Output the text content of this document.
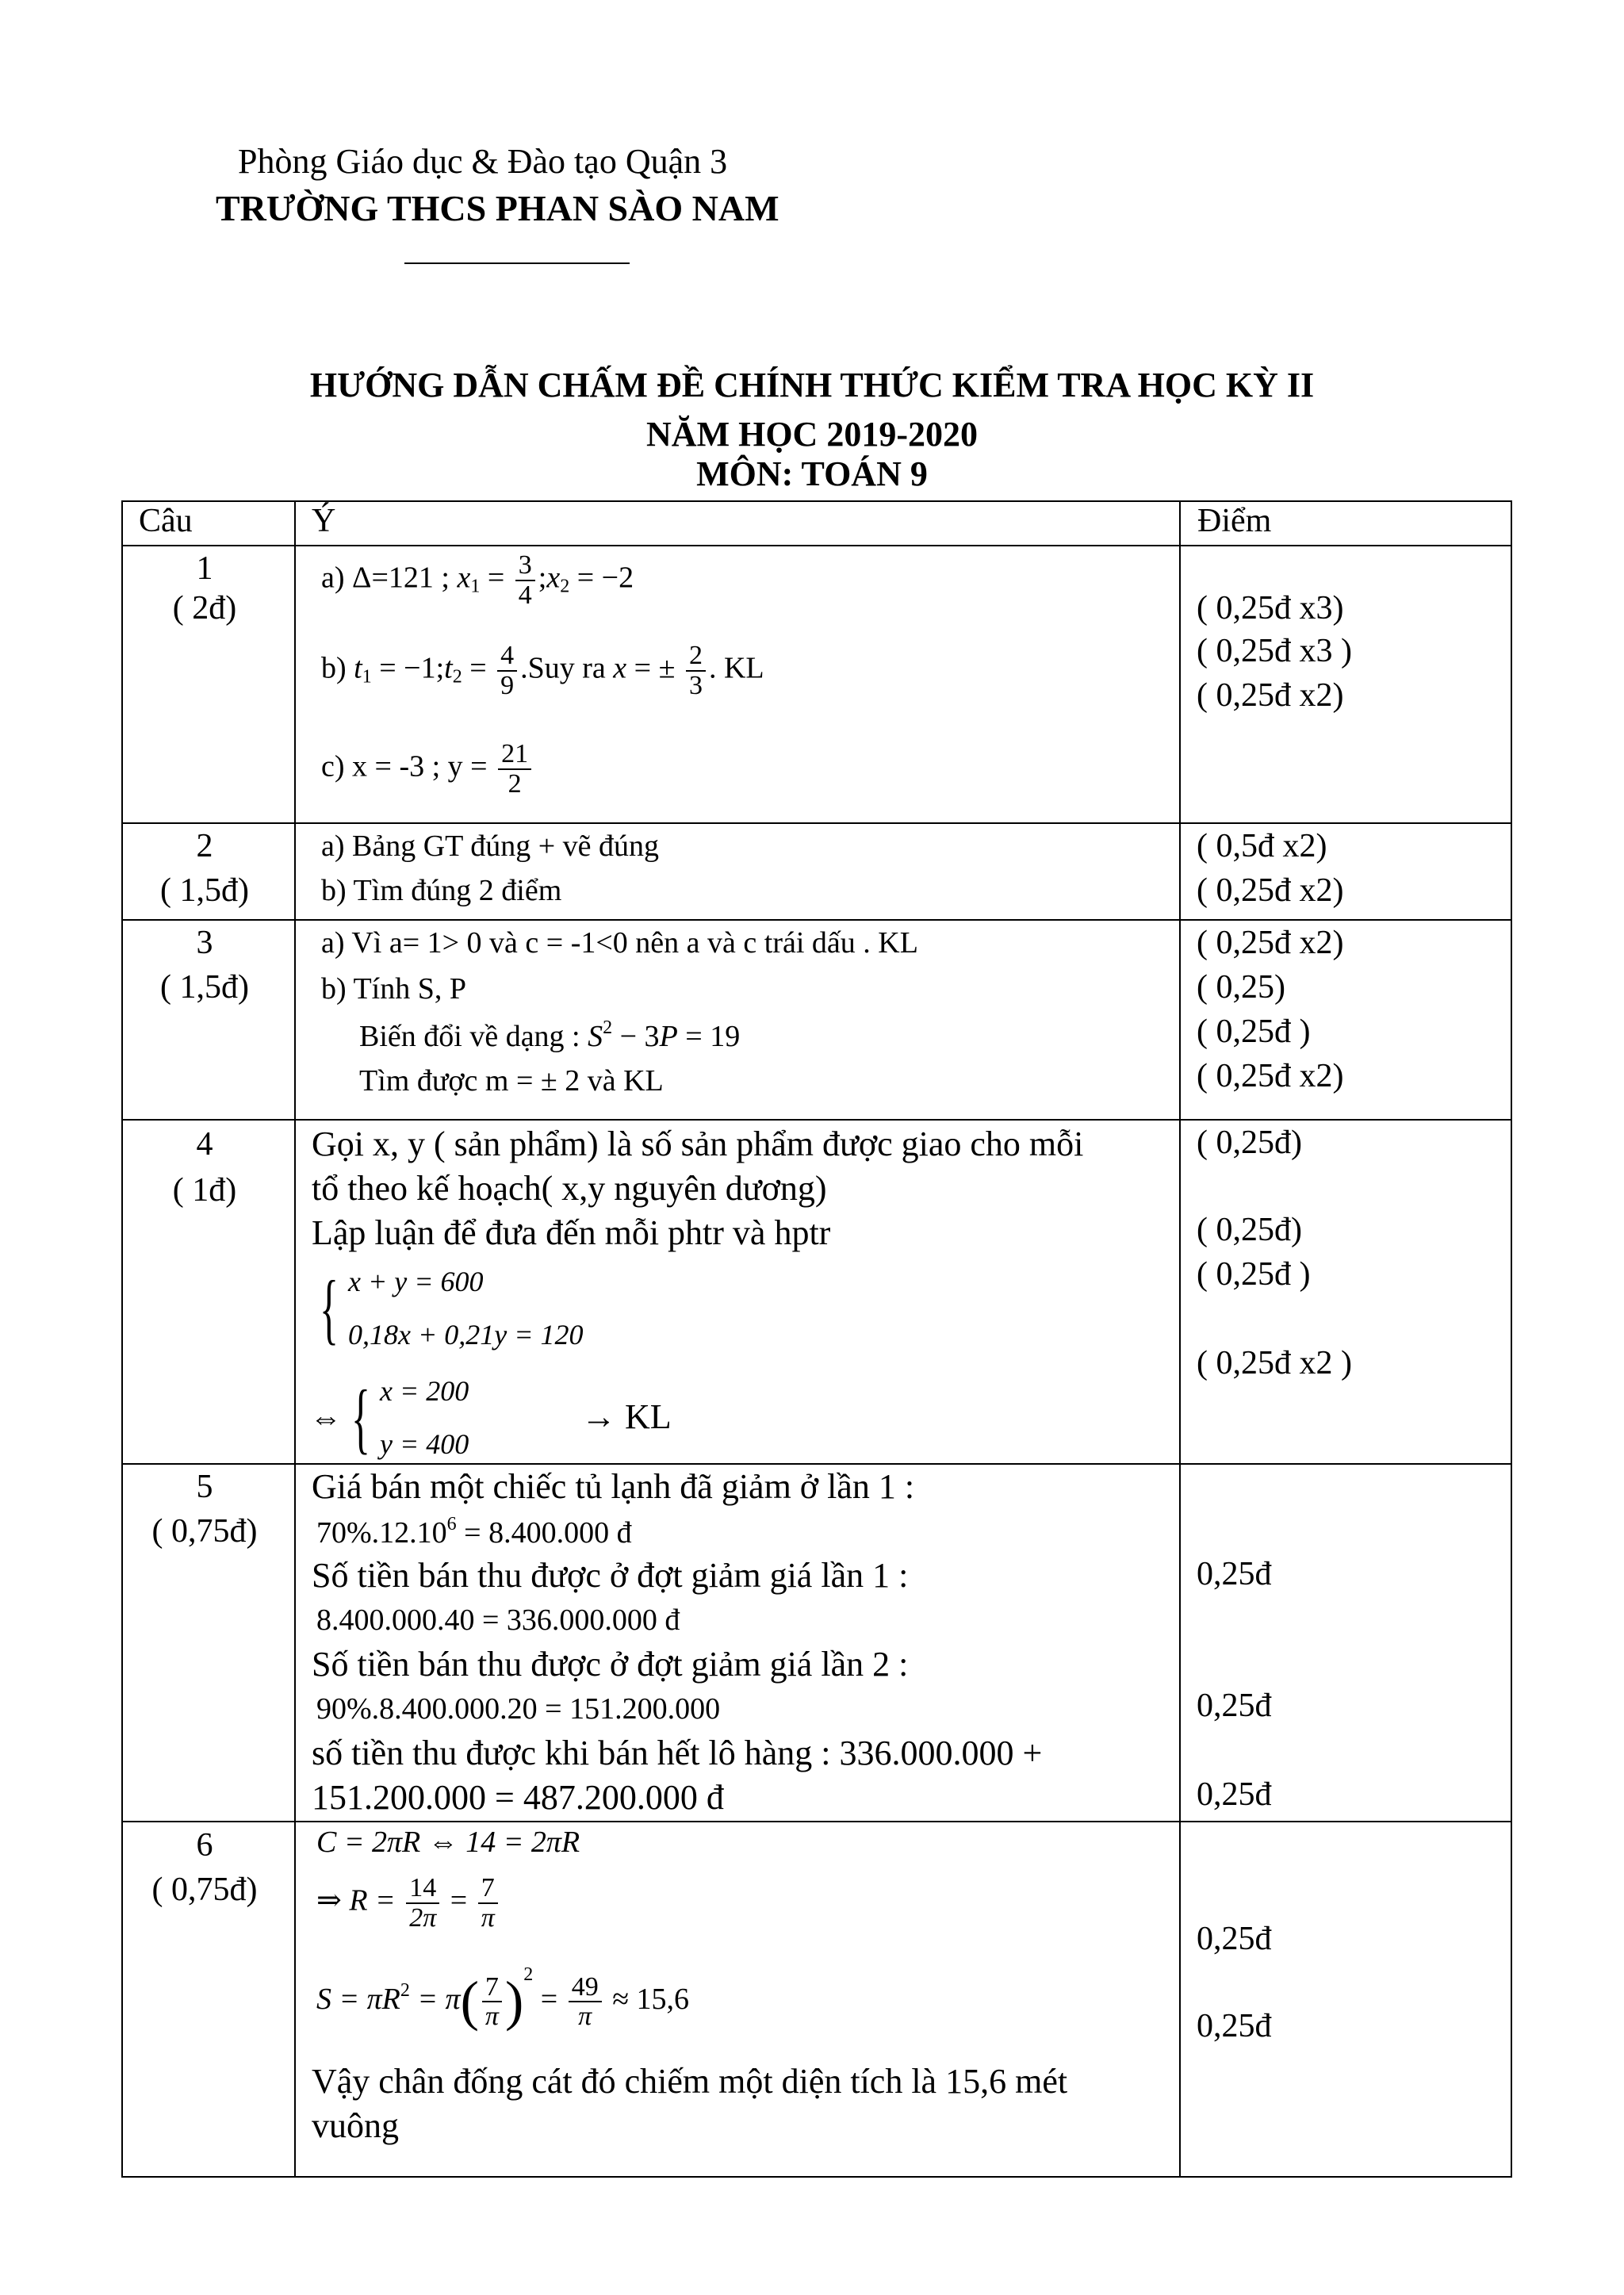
Phòng Giáo dục & Đào tạo Quận 3
TRƯỜNG THCS PHAN SÀO NAM
HƯỚNG DẪN CHẤM ĐỀ CHÍNH THỨC KIỂM TRA HỌC KỲ II
NĂM HỌC 2019-2020
MÔN: TOÁN 9
Câu	Ý	Điểm
1
( 2đ)
a) Δ=121 ; $x_1 = \frac{3}{4}$ $;x_2 = -2$
b) $t_1$ = $-1;t_2 = \frac{4}{9} .Suy$ ra x = ± $\frac{2}{3}$ . KL
c) x = -3 ; $y = \frac{21}{2}$
( 0,25đ x3)
( 0,25đ x3 )
( 0,25đ x2)
2
( 1,5đ)
a) Bảng GT đúng + vẽ đúng
b) Tìm đúng 2 điểm
( 0,5đ x2)
( 0,25đ x2)
3
( 1,5đ)
a) Vì a= 1> 0 và c = -1<0 nên a và c trái dấu . KL
b) Tính S, P
Biến đổi về dạng : $S^2 - 3P = 19$
Tìm được m = ± 2 và KL
( 0,25đ x2)
( 0,25)
( 0,25đ )
( 0,25đ x2)
4
( 1đ)
Gọi x, y ( sản phẩm) là số sản phẩm được giao cho mỗi
tổ theo kế hoạch( x,y nguyên dương)
Lập luận để đưa đến mỗi phtr và hptr
{ x + y = 600
0,18x + 0,21y = 120
⇔ { x = 200
y = 400
→ KL
( 0,25đ)
( 0,25đ)
( 0,25đ )
( 0,25đ x2 )
5
( 0,75đ)
Giá bán một chiếc tủ lạnh đã giảm ở lần 1 :
$70\%.12.10^6 = 8.400.000$ đ
Số tiền bán thu được ở đợt giảm giá lần 1 :
8.400.000.40 = 336.000.000 đ
Số tiền bán thu được ở đợt giảm giá lần 2 :
90%.8.400.000.20 = 151.200.000
số tiền thu được khi bán hết lô hàng : 336.000.000 +
151.200.000 = 487.200.000 đ
0,25đ
0,25đ
0,25đ
6
( 0,75đ)
C = 2πR ⇔ 14 = 2πR
⇒ $R = \frac{14}{2\pi} = \frac{7}{\pi}$
$S = \pi R^2 = \pi( \frac{7}{\pi} )^2 = \frac{49}{\pi} \approx 15,6$
Vậy chân đống cát đó chiếm một diện tích là 15,6 mét
vuông
0,25đ
0,25đ
